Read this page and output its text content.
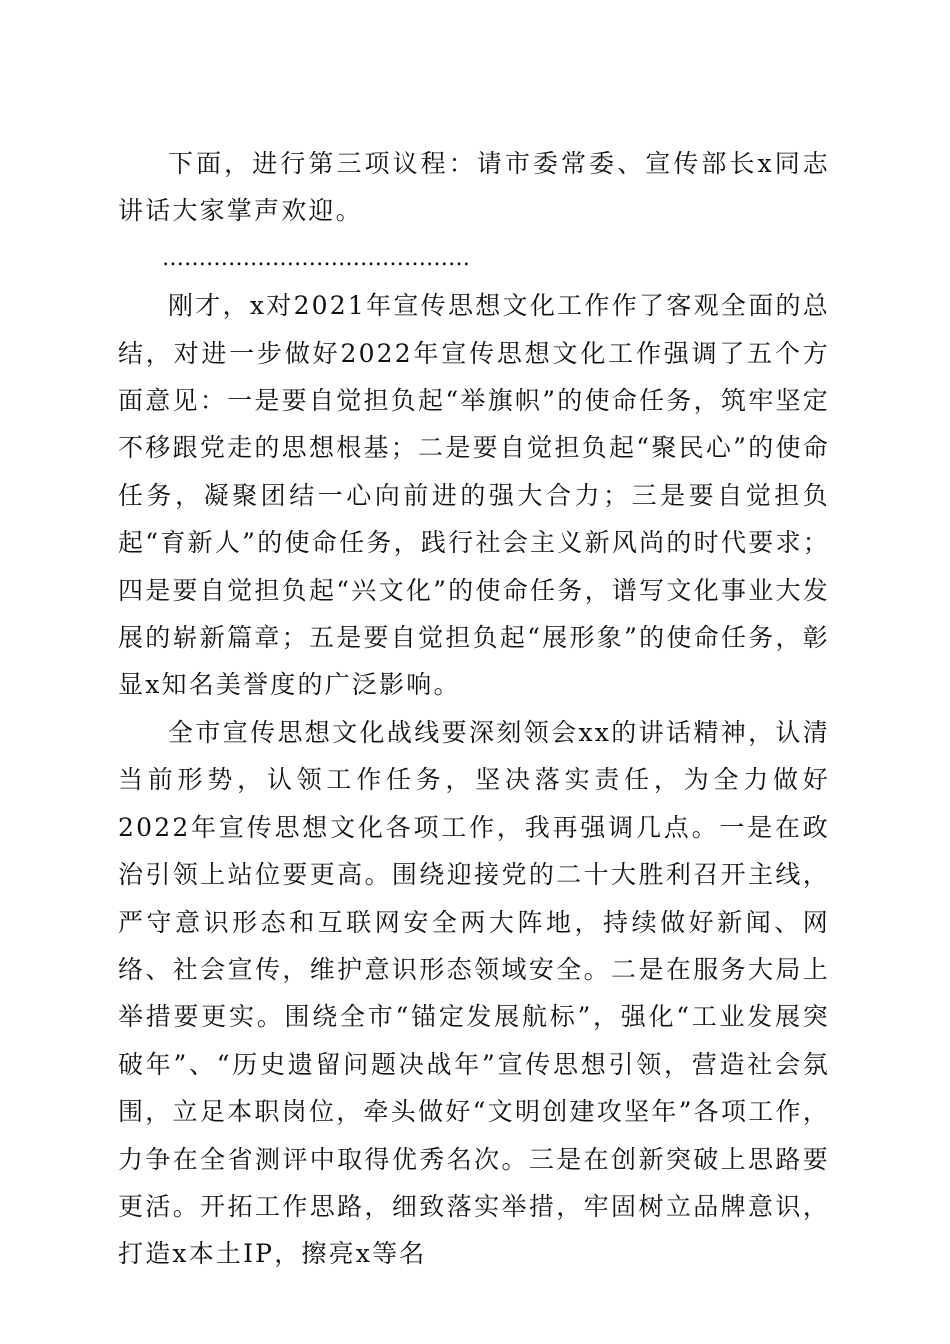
下面，进行第三项议程：请市委常委、宣传部长x同志讲话大家掌声欢迎。

……………………………………

刚才，x对2021年宣传思想文化工作作了客观全面的总结，对进一步做好2022年宣传思想文化工作强调了五个方面意见：一是要自觉担负起“举旗帜”的使命任务，筑牢坚定不移跟党走的思想根基；二是要自觉担负起“聚民心”的使命任务，凝聚团结一心向前进的强大合力；三是要自觉担负起“育新人”的使命任务，践行社会主义新风尚的时代要求；四是要自觉担负起“兴文化”的使命任务，谱写文化事业大发展的崭新篇章；五是要自觉担负起“展形象”的使命任务，彰显x知名美誉度的广泛影响。

全市宣传思想文化战线要深刻领会xx的讲话精神，认清当前形势，认领工作任务，坚决落实责任，为全力做好2022年宣传思想文化各项工作，我再强调几点。一是在政治引领上站位要更高。围绕迎接党的二十大胜利召开主线，严守意识形态和互联网安全两大阵地，持续做好新闻、网络、社会宣传，维护意识形态领域安全。二是在服务大局上举措要更实。围绕全市“锚定发展航标”，强化“工业发展突破年”、“历史遗留问题决战年”宣传思想引领，营造社会氛围，立足本职岗位，牵头做好“文明创建攻坚年”各项工作，力争在全省测评中取得优秀名次。三是在创新突破上思路要更活。开拓工作思路，细致落实举措，牢固树立品牌意识，打造x本土IP，擦亮x等名
